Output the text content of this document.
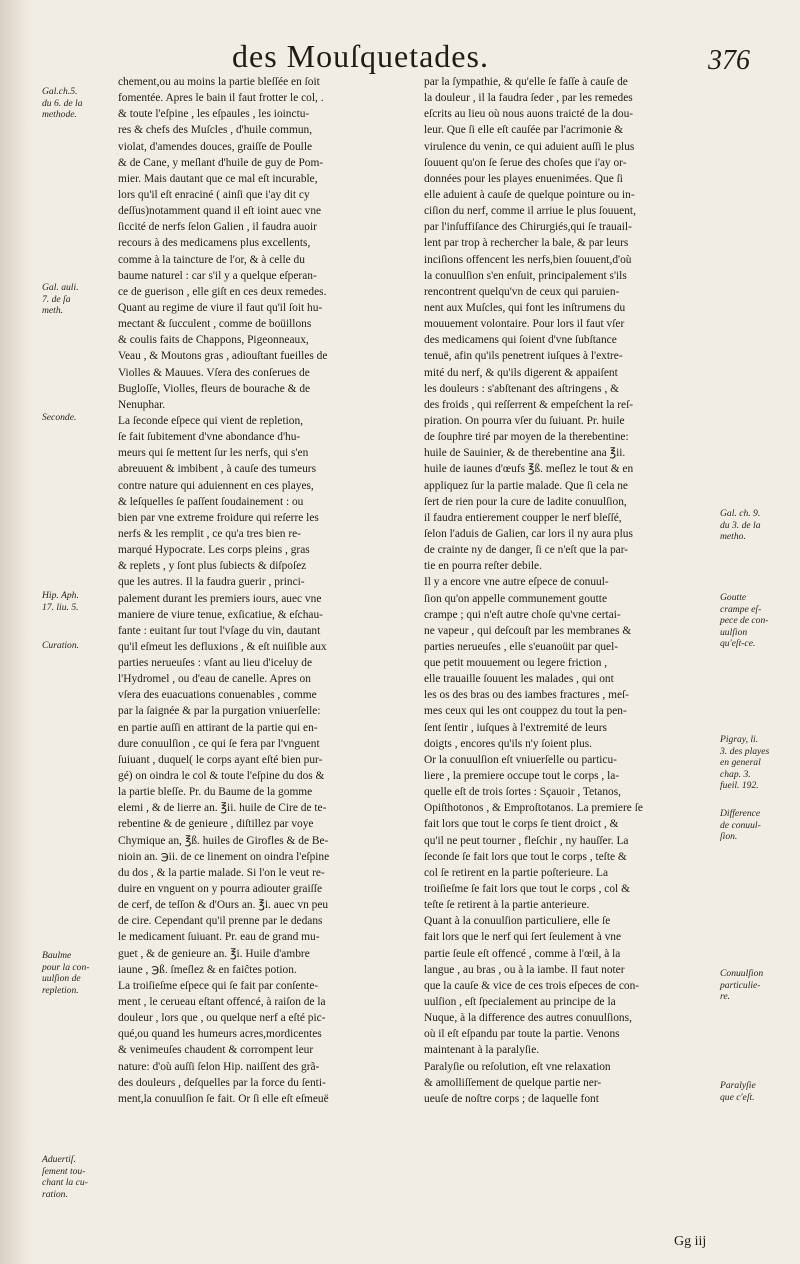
des Mouſquetades.	376
chement,ou au moins la partie bleſſée en ſoit
fomentée. Apres le bain il faut frotter le col, .
& toute l'eſpine , les eſpaules , les ioinctu-
res & chefs des Muſcles , d'huile commun,
violat, d'amendes douces, graiſſe de Poulle
& de Cane, y meſlant d'huile de guy de Pom-
mier. Mais dautant que ce mal eſt incurable,
lors qu'il eſt enraciné ( ainſi que i'ay dit cy
deſſus)notamment quand il eſt ioint auec vne
ſiccité de nerfs ſelon Galien , il faudra auoir
recours à des medicamens plus excellents,
comme à la taincture de l'or, & à celle du
baume naturel : car s'il y a quelque eſperan-
ce de guerison , elle giſt en ces deux remedes.
Quant au regime de viure il faut qu'il ſoit hu-
mectant & ſucculent , comme de boüillons
& coulis faits de Chappons, Pigeonneaux,
Veau , & Moutons gras , adiouſtant fueilles de
Violles & Mauues. Vſera des conſerues de
Bugloſſe, Violles, fleurs de bourache & de
Nenuphar.
La ſeconde eſpece qui vient de repletion,
ſe fait ſubitement d'vne abondance d'hu-
meurs qui ſe mettent ſur les nerfs, qui s'en
abreuuent & imbibent , à cauſe des tumeurs
contre nature qui aduiennent en ces playes,
& leſquelles ſe paſſent ſoudainement : ou
bien par vne extreme froidure qui reſerre les
nerfs & les remplit , ce qu'a tres bien re-
marqué Hypocrate. Les corps pleins , gras
& replets , y ſont plus ſubiects & diſpoſez
que les autres. Il la faudra guerir , princi-
palement durant les premiers iours, auec vne
maniere de viure tenue, exſicatiue, & eſchau-
fante : euitant ſur tout l'vſage du vin, dautant
qu'il eſmeut les defluxions , & eſt nuiſible aux
parties nerueuſes : vſant au lieu d'iceluy de
l'Hydromel , ou d'eau de canelle. Apres on
vſera des euacuations conuenables , comme
par la ſaignée & par la purgation vniuerſelle:
en partie auſſi en attirant de la partie qui en-
dure conuulſion , ce qui ſe fera par l'vnguent
ſuiuant , duquel( le corps ayant eſté bien pur-
gé) on oindra le col & toute l'eſpine du dos &
la partie bleſſe. Pr. du Baume de la gomme
elemi , & de lierre an. ℥ii. huile de Cire de te-
rebentine & de genieure , diſtillez par voye
Chymique an, ℥ß. huiles de Girofles & de Be-
nioin an. ℈ii. de ce linement on oindra l'eſpine
du dos , & la partie malade. Si l'on le veut re-
duire en vnguent on y pourra adiouter graiſſe
de cerf, de teſſon & d'Ours an. ℥i. auec vn peu
de cire. Cependant qu'il prenne par le dedans
le medicament ſuiuant. Pr. eau de grand mu-
guet , & de genieure an. ℥i. Huile d'ambre
iaune , ℈ß. ſmeſlez & en faiĉtes potion.
La troiſieſme eſpece qui ſe fait par conſente-
ment , le cerueau eſtant offencé, à raiſon de la
douleur , lors que , ou quelque nerf a eſté pic-
qué,ou quand les humeurs acres,mordicentes
& venimeuſes chaudent & corrompent leur
nature: d'où auſſi ſelon Hip. naiſſent des grã-
des douleurs , deſquelles par la force du ſenti-
ment,la conuulſion ſe fait. Or ſi elle eſt eſmeuë
par la ſympathie, & qu'elle ſe faſſe à cauſe de
la douleur , il la faudra ſeder , par les remedes
eſcrits au lieu où nous auons traicté de la dou-
leur. Que ſi elle eſt cauſée par l'acrimonie &
virulence du venin, ce qui aduient auſſi le plus
ſouuent qu'on ſe ſerue des choſes que i'ay or-
données pour les playes enuenimées. Que ſi
elle aduient à cauſe de quelque pointure ou in-
ciſion du nerf, comme il arriue le plus ſouuent,
par l'inſuffiſance des Chirurgiés,qui ſe trauail-
lent par trop à rechercher la bale, & par leurs
inciſions offencent les nerfs,bien ſouuent,d'où
la conuulſion s'en enſuit, principalement s'ils
rencontrent quelqu'vn de ceux qui paruien-
nent aux Muſcles, qui font les inſtrumens du
mouuement volontaire. Pour lors il faut vſer
des medicamens qui ſoient d'vne ſubſtance
tenuë, afin qu'ils penetrent iuſques à l'extre-
mité du nerf, & qu'ils digerent & appaiſent
les douleurs : s'abſtenant des aſtringens , &
des froids , qui reſſerrent & empeſchent la reſ-
piration. On pourra vſer du ſuiuant. Pr. huile
de ſouphre tiré par moyen de la therebentine:
huile de Sauinier, & de therebentine ana ℥ii.
huile de iaunes d'œufs ℥ß. meſlez le tout & en
appliquez ſur la partie malade. Que ſi cela ne
ſert de rien pour la cure de ladite conuulſion,
il faudra entierement coupper le nerf bleſſé,
ſelon l'aduis de Galien, car lors il ny aura plus
de crainte ny de danger, ſi ce n'eſt que la par-
tie en pourra reſter debile.
Il y a encore vne autre eſpece de conuul-
ſion qu'on appelle communement goutte
crampe ; qui n'eſt autre choſe qu'vne certai-
ne vapeur , qui deſcouſt par les membranes &
parties nerueuſes , elle s'euanoüit par quel-
que petit mouuement ou legere friction ,
elle trauaille ſouuent les malades , qui ont
les os des bras ou des iambes fractures , meſ-
mes ceux qui les ont couppez du tout la pen-
ſent ſentir , iuſques à l'extremité de leurs
doigts , encores qu'ils n'y ſoient plus.
Or la conuulſion eſt vniuerſelle ou particu-
liere , la premiere occupe tout le corps , la-
quelle eſt de trois ſortes : Sçauoir , Tetanos,
Opiſthotonos , & Emproſtotanos. La premiere ſe
fait lors que tout le corps ſe tient droict , &
qu'il ne peut tourner , fleſchir , ny hauſſer. La
ſeconde ſe fait lors que tout le corps , teſte &
col ſe retirent en la partie poſterieure. La
troiſieſme ſe fait lors que tout le corps , col &
teſte ſe retirent à la partie anterieure.
Quant à la conuulſion particuliere, elle ſe
fait lors que le nerf qui ſert ſeulement à vne
partie ſeule eſt offencé , comme à l'œil, à la
langue , au bras , ou à la iambe. Il faut noter
que la cauſe & vice de ces trois eſpeces de con-
uulſion , eſt ſpecialement au principe de la
Nuque, à la difference des autres conuulſions,
où il eſt eſpandu par toute la partie. Venons
maintenant à la paralyſie.
Paralyſie ou reſolution, eſt vne relaxation
& amolliſſement de quelque partie ner-
ueuſe de noſtre corps ; de laquelle font
Gal.ch.5.
du 6. de la
methode.
Gal. auli.
7. de ſa
meth.
Seconde.
Hip. Aph.
17. liu. 5.
Curation.
Baulme
pour la con-
uulſion de
repletion.
Aduertiſ.
ſement tou-
chant la cu-
ration.
Gal. ch. 9.
du 3. de la
metho.
Goutte
crampe eſ-
pece de con-
uulſion
qu'eſt-ce.
Pigray, li.
3. des playes
en general
chap. 3.
fueil. 192.
Difference
de conuul-
ſion.
Conuulſion
particulie-
re.
Paralyſie
que c'eſt.
Gg iij
